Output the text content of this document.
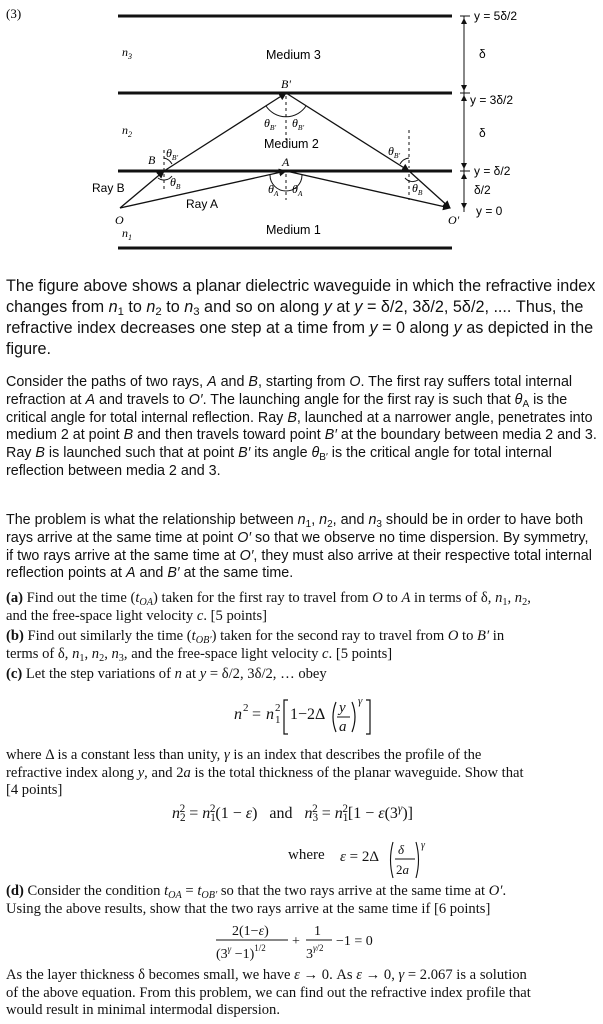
(3)	y = 5δ/2
δ
y = 3δ/2
δ
y = δ/2
δ/2
y = 0
Medium 3
Medium 2
Medium 1
$n_3$
$n_2$
$n_1$
$\theta_{B'}$ $\theta_{B'}$
$\theta_A$ $\theta_A$
$\theta_{B'}$
$\theta_B$
$\theta_{B'}$
$\theta_B$
B'
B	A
O	O'
Ray B
Ray A
The figure above shows a planar dielectric waveguide in which the refractive index changes from $n_1$ to $n_2$ to $n_3$ and so on along y at y = δ/2, 3δ/2, 5δ/2, .... Thus, the refractive index decreases one step at a time from y = 0 along y as depicted in the figure.
Consider the paths of two rays, A and B, starting from O. The first ray suffers total internal refraction at A and travels to O′. The launching angle for the first ray is such that $\theta_A$ is the critical angle for total internal reflection. Ray B, launched at a narrower angle, penetrates into medium 2 at point B and then travels toward point B′ at the boundary between media 2 and 3. Ray B is launched such that at point B′ its angle $\theta_{B'}$ is the critical angle for total internal reflection between media 2 and 3.
The problem is what the relationship between $n_1$, $n_2$, and $n_3$ should be in order to have both rays arrive at the same time at point O′ so that we observe no time dispersion. By symmetry, if two rays arrive at the same time at O′, they must also arrive at their respective total internal reflection points at A and B′ at the same time.
(a) Find out the time $(t_{OA})$ taken for the first ray to travel from O to A in terms of δ, $n_1$, $n_2$,
and the free-space light velocity c. [5 points]
(b) Find out similarly the time $(t_{OB'})$ taken for the second ray to travel from O to B′ in
terms of δ, $n_1$, $n_2$, $n_3$, and the free-space light velocity c. [5 points]
(c) Let the step variations of n at y = δ/2, 3δ/2, … obey
n 2 = n 1
2 1−2Δ y
a
γ
where Δ is a constant less than unity, γ is an index that describes the profile of the
refractive index along y, and 2a is the total thickness of the planar waveguide. Show that
[4 points]
$n_2^2 = n_1^2(1 - \varepsilon)$   and $n_3^2 = n_1^2[1 - \varepsilon(3^\gamma)]$
where ε = 2Δ δ
2a
γ
(d) Consider the condition $t_{OA} = t_{OB'}$ so that the two rays arrive at the same time at O′.
Using the above results, show that the two rays arrive at the same time if [6 points]
2(1−ε)
$(3^\gamma -1)^{1/2}$ +
1
$3^{\gamma/2} -1 = 0$
As the layer thickness δ becomes small, we have ε → 0. As ε → 0, γ = 2.067 is a solution
of the above equation. From this problem, we can find out the refractive index profile that
would result in minimal intermodal dispersion.
